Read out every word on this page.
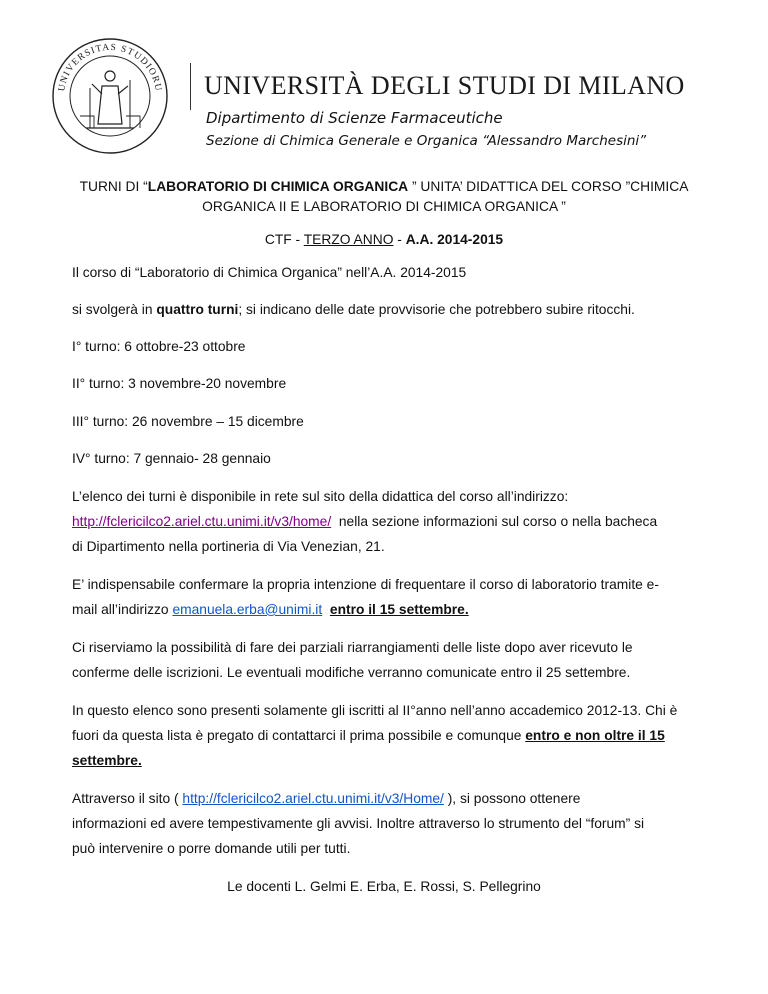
UNIVERSITAS STUDIORU UNIVERSITÀ DEGLI STUDI DI MILANO
Dipartimento di Scienze Farmaceutiche
Sezione di Chimica Generale e Organica “Alessandro Marchesini”
TURNI DI “LABORATORIO DI CHIMICA ORGANICA ” UNITA’ DIDATTICA DEL CORSO ”CHIMICA
ORGANICA II E LABORATORIO DI CHIMICA ORGANICA ”
CTF - TERZO ANNO - A.A. 2014-2015
Il corso di “Laboratorio di Chimica Organica” nell’A.A. 2014-2015
si svolgerà in quattro turni; si indicano delle date provvisorie che potrebbero subire ritocchi.
I° turno: 6 ottobre-23 ottobre
II° turno: 3 novembre-20 novembre
III° turno: 26 novembre – 15 dicembre
IV° turno: 7 gennaio- 28 gennaio
L’elenco dei turni è disponibile in rete sul sito della didattica del corso all’indirizzo:
http://fclericilco2.ariel.ctu.unimi.it/v3/home/  nella sezione informazioni sul corso o nella bacheca
di Dipartimento nella portineria di Via Venezian, 21.
E’ indispensabile confermare la propria intenzione di frequentare il corso di laboratorio tramite e-
mail all’indirizzo emanuela.erba@unimi.it entro il 15 settembre.
Ci riserviamo la possibilità di fare dei parziali riarrangiamenti delle liste dopo aver ricevuto le
conferme delle iscrizioni. Le eventuali modifiche verranno comunicate entro il 25 settembre.
In questo elenco sono presenti solamente gli iscritti al II°anno nell’anno accademico 2012-13. Chi è
fuori da questa lista è pregato di contattarci il prima possibile e comunque entro e non oltre il 15
settembre.
Attraverso il sito ( http://fclericilco2.ariel.ctu.unimi.it/v3/Home/ ), si possono ottenere
informazioni ed avere tempestivamente gli avvisi. Inoltre attraverso lo strumento del “forum” si
può intervenire o porre domande utili per tutti.
Le docenti L. Gelmi E. Erba, E. Rossi, S. Pellegrino
